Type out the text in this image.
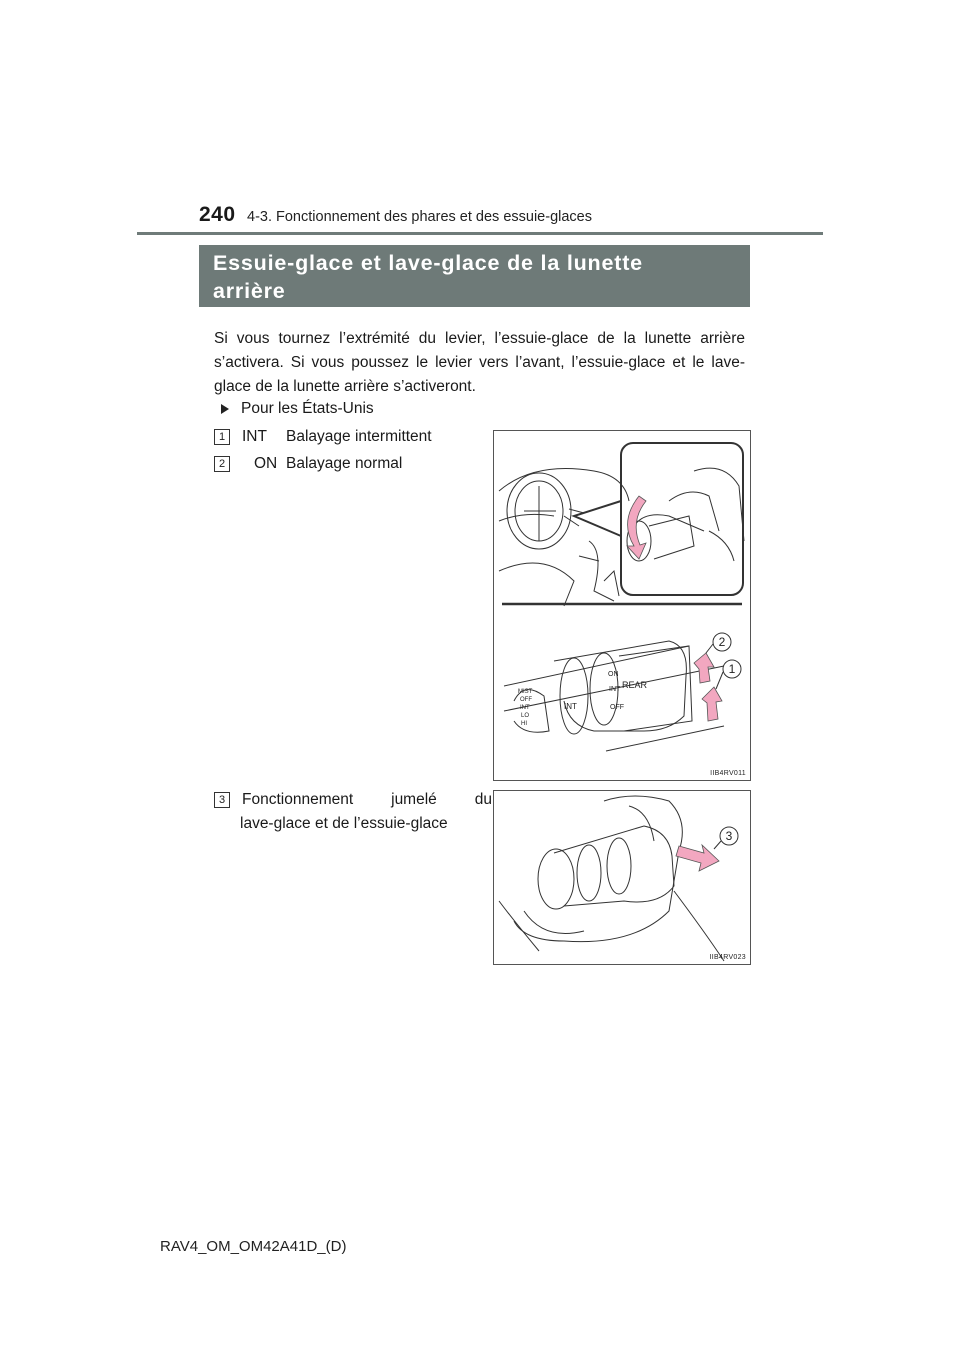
240 4-3. Fonctionnement des phares et des essuie-glaces
Essuie-glace et lave-glace de la lunette
arrière
Si vous tournez l’extrémité du levier, l’essuie-glace de la lunette arrière s’activera. Si vous poussez le levier vers l’avant, l’essuie-glace et le lave-glace de la lunette arrière s’activeront.
Pour les États-Unis
1	INT	Balayage intermittent
2	ON Balayage normal
3	Fonctionnement jumelé du
lave-glace et de l’essuie-glace
MIST
OFF
INT
LO
HI
INT
ON
INT
OFF
REAR
2
1
IIB4RV011
3
IIB4RV023
RAV4_OM_OM42A41D_(D)
